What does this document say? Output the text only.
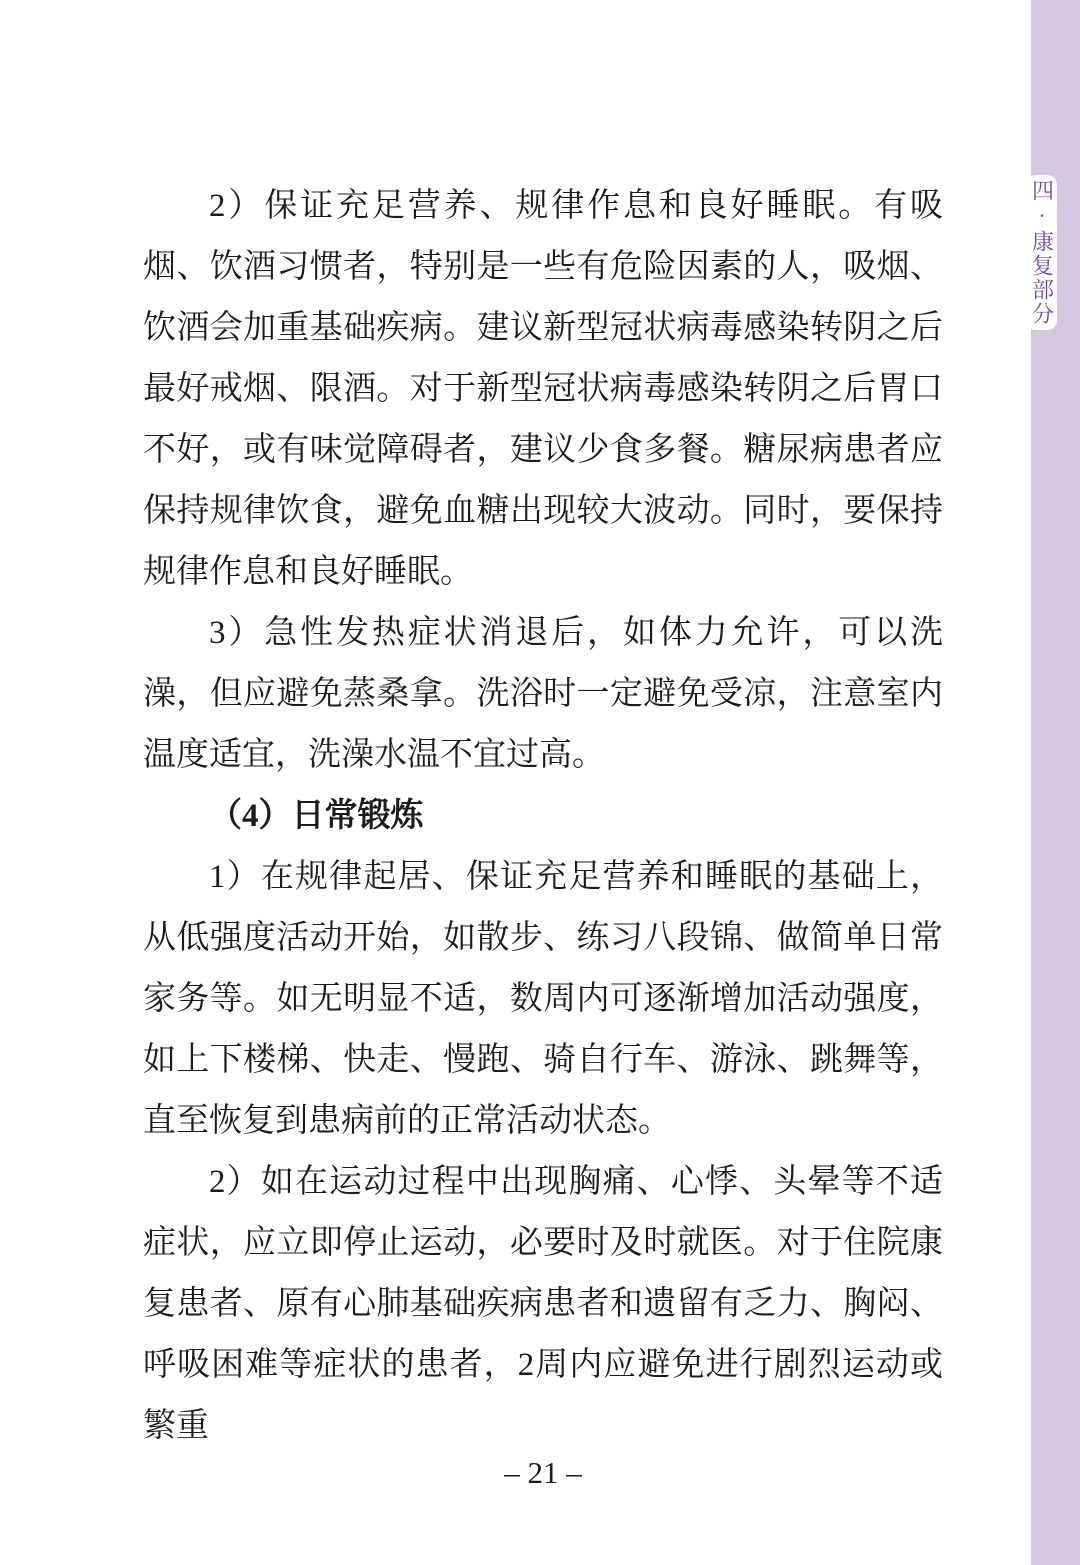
四·康复部分

2）保证充足营养、规律作息和良好睡眠。有吸烟、饮酒习惯者，特别是一些有危险因素的人，吸烟、饮酒会加重基础疾病。建议新型冠状病毒感染转阴之后最好戒烟、限酒。对于新型冠状病毒感染转阴之后胃口不好，或有味觉障碍者，建议少食多餐。糖尿病患者应保持规律饮食，避免血糖出现较大波动。同时，要保持规律作息和良好睡眠。

3）急性发热症状消退后，如体力允许，可以洗澡，但应避免蒸桑拿。洗浴时一定避免受凉，注意室内温度适宜，洗澡水温不宜过高。

（4）日常锻炼

1）在规律起居、保证充足营养和睡眠的基础上，从低强度活动开始，如散步、练习八段锦、做简单日常家务等。如无明显不适，数周内可逐渐增加活动强度，如上下楼梯、快走、慢跑、骑自行车、游泳、跳舞等，直至恢复到患病前的正常活动状态。

2）如在运动过程中出现胸痛、心悸、头晕等不适症状，应立即停止运动，必要时及时就医。对于住院康复患者、原有心肺基础疾病患者和遗留有乏力、胸闷、呼吸困难等症状的患者，2周内应避免进行剧烈运动或繁重

– 21 –
